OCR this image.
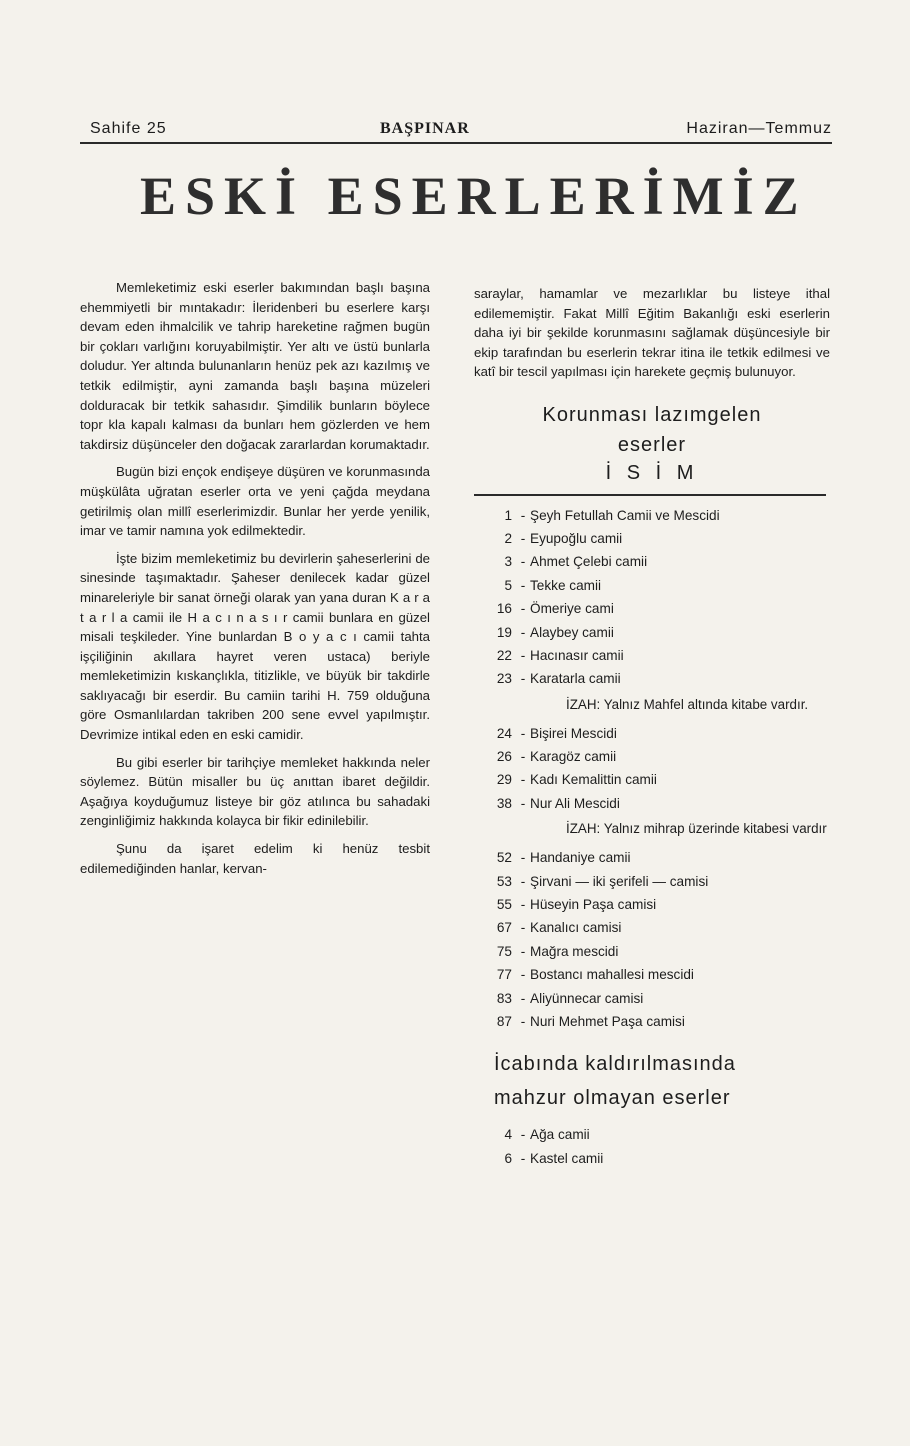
Sahife 25	BAŞPINAR	Haziran—Temmuz
ESKİ ESERLERİMİZ

Memleketimiz eski eserler bakımından başlı başına ehemmiyetli bir mıntakadır: İleridenberi bu eserlere karşı devam eden ihmalcilik ve tahrip hareketine rağmen bugün bir çokları varlığını koruyabilmiştir. Yer altı ve üstü bunlarla doludur. Yer altında bulunanların henüz pek azı kazılmış ve tetkik edilmiştir, ayni zamanda başlı başına müzeleri dolduracak bir tetkik sahasıdır. Şimdilik bunların böylece topr kla kapalı kalması da bunları hem gözlerden ve hem takdirsiz düşünceler den doğacak zararlardan korumaktadır.

Bugün bizi ençok endişeye düşüren ve korunmasında müşkülâta uğratan eserler orta ve yeni çağda meydana getirilmiş olan millî eserlerimizdir. Bunlar her yerde yenilik, imar ve tamir namına yok edilmektedir.

İşte bizim memleketimiz bu devirlerin şaheserlerini de sinesinde taşımaktadır. Şaheser denilecek kadar güzel minareleriyle bir sanat örneği olarak yan yana duran K a r a t a r l a camii ile H a c ı n a s ı r camii bunlara en güzel misali teşkileder. Yine bunlardan B o y a c ı camii tahta işçiliğinin akıllara hayret veren ustaca) beriyle memleketimizin kıskançlıkla, titizlikle, ve büyük bir takdirle saklıyacağı bir eserdir. Bu camiin tarihi H. 759 olduğuna göre Osmanlılardan takriben 200 sene evvel yapılmıştır. Devrimize intikal eden en eski camidir.

Bu gibi eserler bir tarihçiye memleket hakkında neler söylemez. Bütün misaller bu üç anıttan ibaret değildir. Aşağıya koyduğumuz listeye bir göz atılınca bu sahadaki zenginliğimiz hakkında kolayca bir fikir edinilebilir.

Şunu da işaret edelim ki henüz tesbit edilemediğinden hanlar, kervan-

saraylar, hamamlar ve mezarlıklar bu listeye ithal edilememiştir. Fakat Millî Eğitim Bakanlığı eski eserlerin daha iyi bir şekilde korunmasını sağlamak düşüncesiyle bir ekip tarafından bu eserlerin tekrar itina ile tetkik edilmesi ve katî bir tescil yapılması için harekete geçmiş bulunuyor.

Korunması lazımgelen
eserler
İ S İ M
1 - Şeyh Fetullah Camii ve Mescidi
2 - Eyupoğlu camii
3 - Ahmet Çelebi camii
5 - Tekke camii
16 - Ömeriye cami
19 - Alaybey camii
22 - Hacınasır camii
23 - Karatarla camii
İZAH: Yalnız Mahfel altında kitabe vardır.
24 - Bişirei Mescidi
26 - Karagöz camii
29 - Kadı Kemalittin camii
38 - Nur Ali Mescidi
İZAH: Yalnız mihrap üzerinde kitabesi vardır
52 - Handaniye camii
53 - Şirvani — iki şerifeli — camisi
55 - Hüseyin Paşa camisi
67 - Kanalıcı camisi
75 - Mağra mescidi
77 - Bostancı mahallesi mescidi
83 - Aliyünnecar camisi
87 - Nuri Mehmet Paşa camisi
İcabında kaldırılmasında
mahzur olmayan eserler
4 - Ağa camii
6 - Kastel camii
